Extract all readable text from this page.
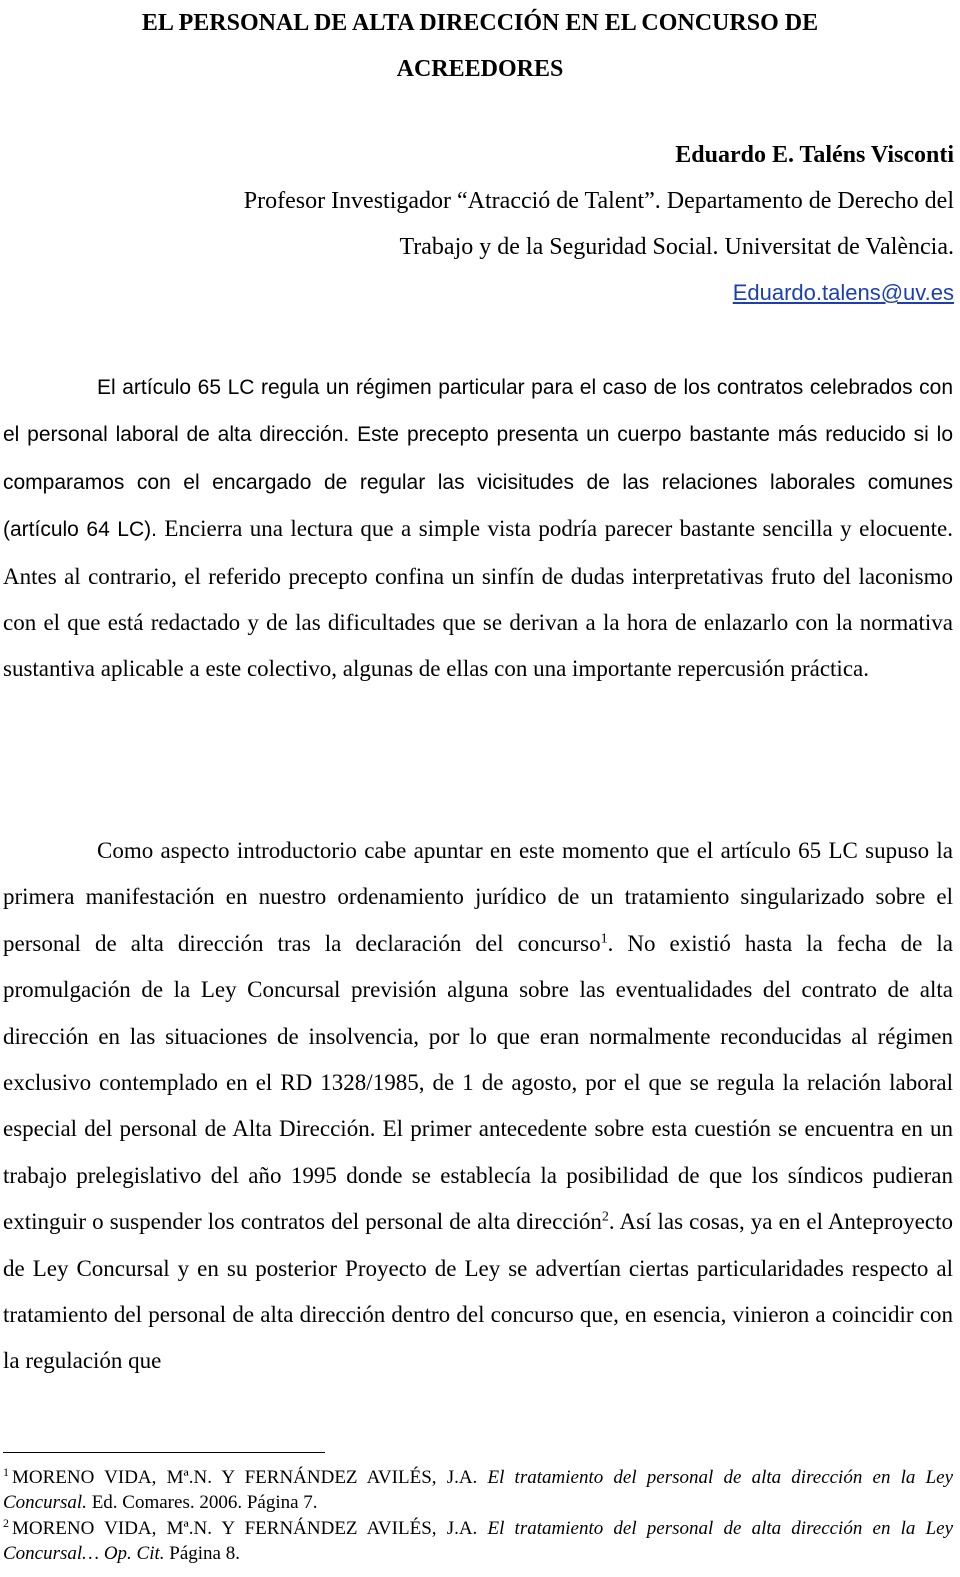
EL PERSONAL DE ALTA DIRECCIÓN EN EL CONCURSO DE
ACREEDORES
Eduardo E. Taléns Visconti
Profesor Investigador “Atracció de Talent”. Departamento de Derecho del
Trabajo y de la Seguridad Social. Universitat de València.
Eduardo.talens@uv.es

El artículo 65 LC regula un régimen particular para el caso de los contratos celebrados con el personal laboral de alta dirección. Este precepto presenta un cuerpo bastante más reducido si lo comparamos con el encargado de regular las vicisitudes de las relaciones laborales comunes (artículo 64 LC). Encierra una lectura que a simple vista podría parecer bastante sencilla y elocuente. Antes al contrario, el referido precepto confina un sinfín de dudas interpretativas fruto del laconismo con el que está redactado y de las dificultades que se derivan a la hora de enlazarlo con la normativa sustantiva aplicable a este colectivo, algunas de ellas con una importante repercusión práctica.

Como aspecto introductorio cabe apuntar en este momento que el artículo 65 LC supuso la primera manifestación en nuestro ordenamiento jurídico de un tratamiento singularizado sobre el personal de alta dirección tras la declaración del concurso$^1$. No existió hasta la fecha de la promulgación de la Ley Concursal previsión alguna sobre las eventualidades del contrato de alta dirección en las situaciones de insolvencia, por lo que eran normalmente reconducidas al régimen exclusivo contemplado en el RD 1328/1985, de 1 de agosto, por el que se regula la relación laboral especial del personal de Alta Dirección. El primer antecedente sobre esta cuestión se encuentra en un trabajo prelegislativo del año 1995 donde se establecía la posibilidad de que los síndicos pudieran extinguir o suspender los contratos del personal de alta dirección$^2$. Así las cosas, ya en el Anteproyecto de Ley Concursal y en su posterior Proyecto de Ley se advertían ciertas particularidades respecto al tratamiento del personal de alta dirección dentro del concurso que, en esencia, vinieron a coincidir con la regulación que

$^1$ MORENO VIDA, Mª.N. Y FERNÁNDEZ AVILÉS, J.A. El tratamiento del personal de alta dirección en la Ley Concursal. Ed. Comares. 2006. Página 7.

$^2$ MORENO VIDA, Mª.N. Y FERNÁNDEZ AVILÉS, J.A. El tratamiento del personal de alta dirección en la Ley Concursal… Op. Cit. Página 8.
